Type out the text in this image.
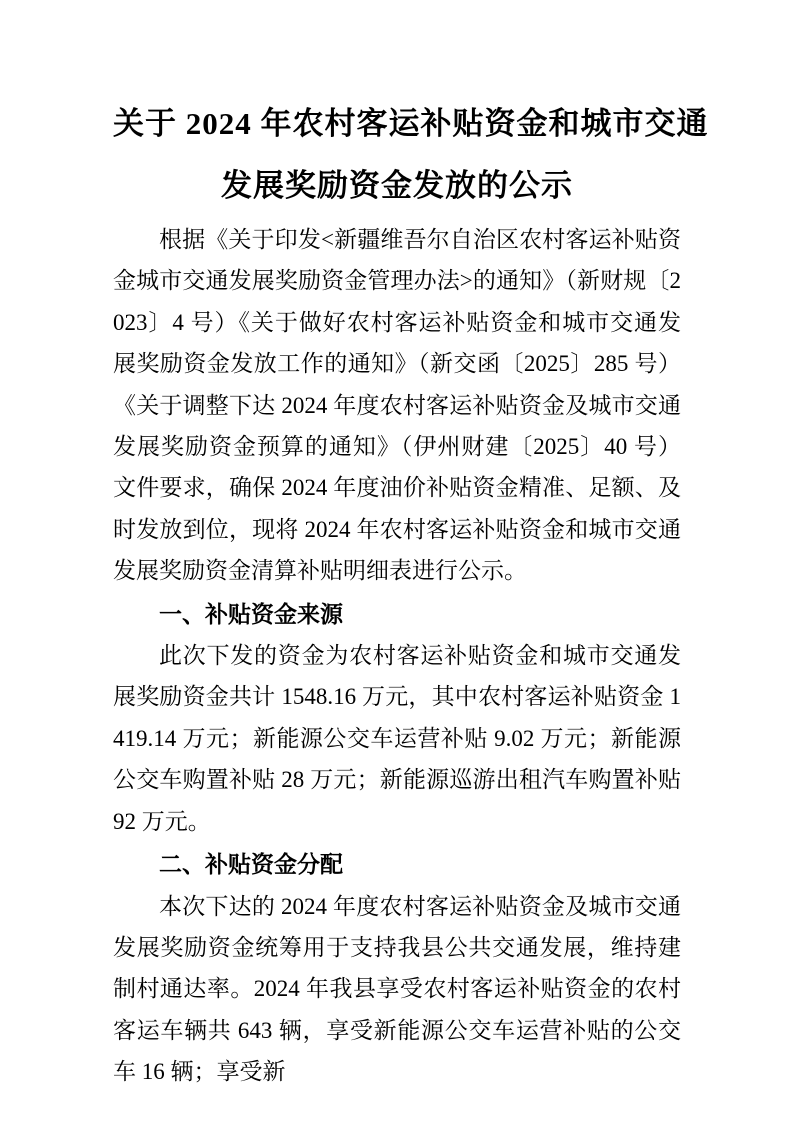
关于 2024 年农村客运补贴资金和城市交通
发展奖励资金发放的公示

根据《关于印发<新疆维吾尔自治区农村客运补贴资金城市交通发展奖励资金管理办法>的通知》（新财规〔2023〕4 号）《关于做好农村客运补贴资金和城市交通发展奖励资金发放工作的通知》（新交函〔2025〕285 号）《关于调整下达 2024 年度农村客运补贴资金及城市交通发展奖励资金预算的通知》（伊州财建〔2025〕40 号）文件要求，确保 2024 年度油价补贴资金精准、足额、及时发放到位，现将 2024 年农村客运补贴资金和城市交通发展奖励资金清算补贴明细表进行公示。

一、补贴资金来源

此次下发的资金为农村客运补贴资金和城市交通发展奖励资金共计 1548.16 万元，其中农村客运补贴资金 1419.14 万元；新能源公交车运营补贴 9.02 万元；新能源公交车购置补贴 28 万元；新能源巡游出租汽车购置补贴 92 万元。

二、补贴资金分配

本次下达的 2024 年度农村客运补贴资金及城市交通发展奖励资金统筹用于支持我县公共交通发展，维持建制村通达率。2024 年我县享受农村客运补贴资金的农村客运车辆共 643 辆，享受新能源公交车运营补贴的公交车 16 辆；享受新
